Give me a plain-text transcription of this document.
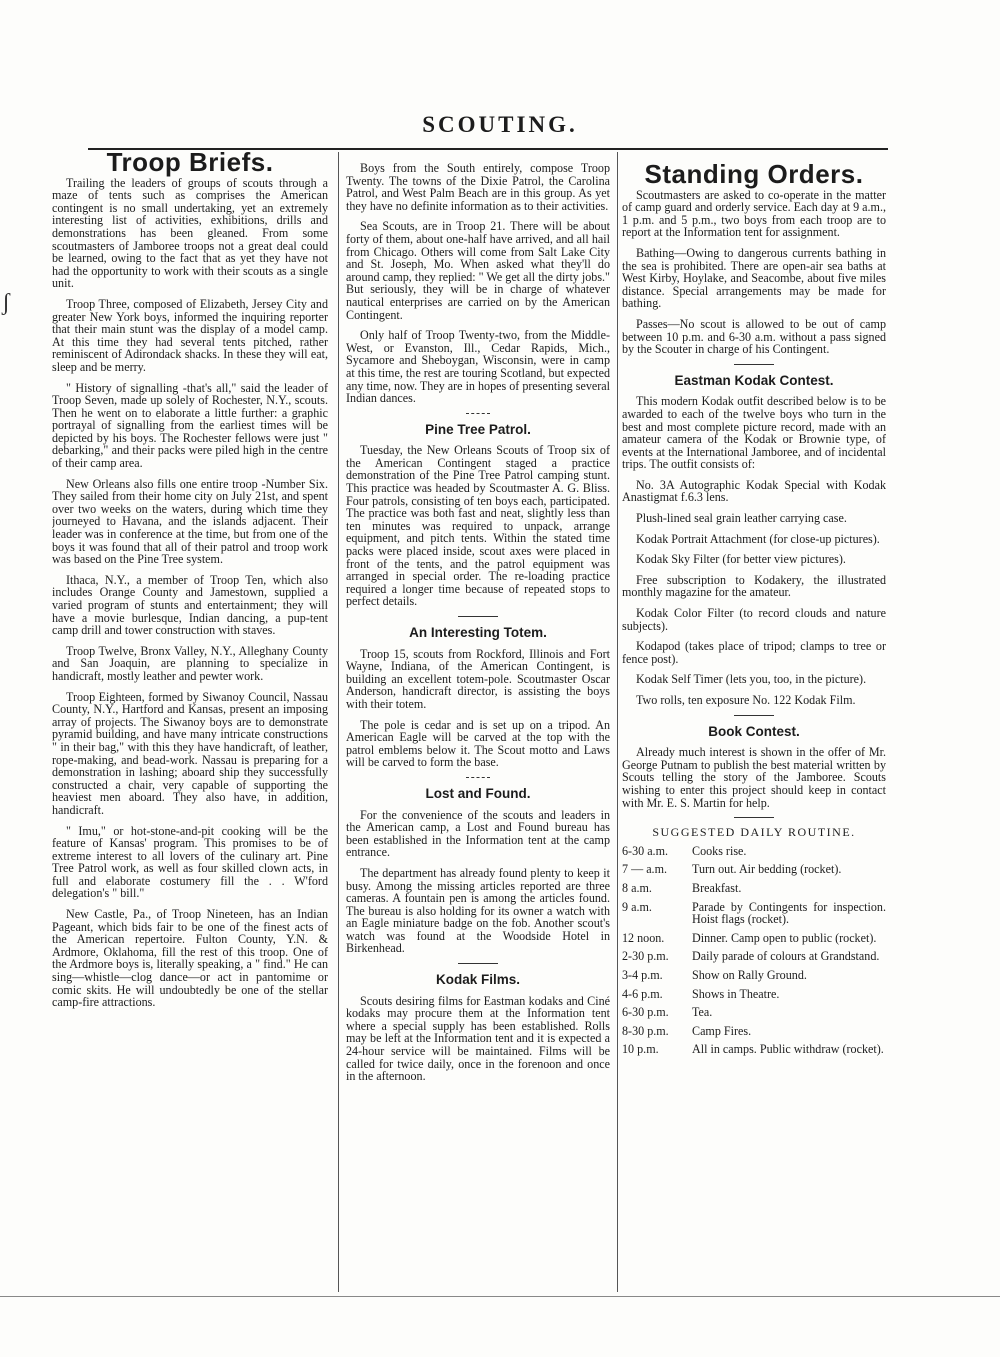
ʃ
SCOUTING.
Troop Briefs.

Trailing the leaders of groups of scouts through a maze of tents such as comprises the American contingent is no small undertaking, yet an extremely interesting list of activities, exhibitions, drills and demonstrations has been gleaned. From some scoutmasters of Jamboree troops not a great deal could be learned, owing to the fact that as yet they have not had the opportunity to work with their scouts as a single unit.

Troop Three, composed of Elizabeth, Jersey City and greater New York boys, informed the inquiring reporter that their main stunt was the display of a model camp. At this time they had several tents pitched, rather reminiscent of Adirondack shacks. In these they will eat, sleep and be merry.

" History of signalling -that's all," said the leader of Troop Seven, made up solely of Rochester, N.Y., scouts. Then he went on to elaborate a little further: a graphic portrayal of signalling from the earliest times will be depicted by his boys. The Rochester fellows were just " debarking," and their packs were piled high in the centre of their camp area.

New Orleans also fills one entire troop -Number Six. They sailed from their home city on July 21st, and spent over two weeks on the waters, during which time they journeyed to Havana, and the islands adjacent. Their leader was in conference at the time, but from one of the boys it was found that all of their patrol and troop work was based on the Pine Tree system.

Ithaca, N.Y., a member of Troop Ten, which also includes Orange County and Jamestown, supplied a varied program of stunts and entertainment; they will have a movie burlesque, Indian dancing, a pup-tent camp drill and tower construction with staves.

Troop Twelve, Bronx Valley, N.Y., Alleghany County and San Joaquin, are planning to specialize in handicraft, mostly leather and pewter work.

Troop Eighteen, formed by Siwanoy Council, Nassau County, N.Y., Hartford and Kansas, present an imposing array of projects. The Siwanoy boys are to demonstrate pyramid building, and have many intricate constructions " in their bag," with this they have handicraft, of leather, rope-making, and bead-work. Nassau is preparing for a demonstration in lashing; aboard ship they successfully constructed a chair, very capable of supporting the heaviest men aboard. They also have, in addition, handicraft.

" Imu," or hot-stone-and-pit cooking will be the feature of Kansas' program. This promises to be of extreme interest to all lovers of the culinary art. Pine Tree Patrol work, as well as four skilled clown acts, in full and elaborate costumery fill the . . W'ford delegation's " bill."

New Castle, Pa., of Troop Nineteen, has an Indian Pageant, which bids fair to be one of the finest acts of the American repertoire. Fulton County, Y.N. & Ardmore, Oklahoma, fill the rest of this troop. One of the Ardmore boys is, literally speaking, a " find." He can sing—whistle—clog dance—or act in pantomime or comic skits. He will undoubtedly be one of the stellar camp-fire attractions.

Boys from the South entirely, compose Troop Twenty. The towns of the Dixie Patrol, the Carolina Patrol, and West Palm Beach are in this group. As yet they have no definite information as to their activities.

Sea Scouts, are in Troop 21. There will be about forty of them, about one-half have arrived, and all hail from Chicago. Others will come from Salt Lake City and St. Joseph, Mo. When asked what they'll do around camp, they replied: " We get all the dirty jobs." But seriously, they will be in charge of whatever nautical enterprises are carried on by the American Contingent.

Only half of Troop Twenty-two, from the Middle-West, or Evanston, Ill., Cedar Rapids, Mich., Sycamore and Sheboygan, Wisconsin, were in camp at this time, the rest are touring Scotland, but expected any time, now. They are in hopes of presenting several Indian dances.

Pine Tree Patrol.

Tuesday, the New Orleans Scouts of Troop six of the American Contingent staged a practice demonstration of the Pine Tree Patrol camping stunt. This practice was headed by Scoutmaster A. G. Bliss. Four patrols, consisting of ten boys each, participated. The practice was both fast and neat, slightly less than ten minutes was required to unpack, arrange equipment, and pitch tents. Within the stated time packs were placed inside, scout axes were placed in front of the tents, and the patrol equipment was arranged in special order. The re-loading practice required a longer time because of repeated stops to perfect details.

An Interesting Totem.

Troop 15, scouts from Rockford, Illinois and Fort Wayne, Indiana, of the American Contingent, is building an excellent totem-pole. Scoutmaster Oscar Anderson, handicraft director, is assisting the boys with their totem.

The pole is cedar and is set up on a tripod. An American Eagle will be carved at the top with the patrol emblems below it. The Scout motto and Laws will be carved to form the base.

Lost and Found.

For the convenience of the scouts and leaders in the American camp, a Lost and Found bureau has been established in the Information tent at the camp entrance.

The department has already found plenty to keep it busy. Among the missing articles reported are three cameras. A fountain pen is among the articles found. The bureau is also holding for its owner a watch with an Eagle miniature badge on the fob. Another scout's watch was found at the Woodside Hotel in Birkenhead.

Kodak Films.

Scouts desiring films for Eastman kodaks and Ciné kodaks may procure them at the Information tent where a special supply has been established. Rolls may be left at the Information tent and it is expected a 24-hour service will be maintained. Films will be called for twice daily, once in the forenoon and once in the afternoon.

Standing Orders.

Scoutmasters are asked to co-operate in the matter of camp guard and orderly service. Each day at 9 a.m., 1 p.m. and 5 p.m., two boys from each troop are to report at the Information tent for assignment.

Bathing—Owing to dangerous currents bathing in the sea is prohibited. There are open-air sea baths at West Kirby, Hoylake, and Seacombe, about five miles distance. Special arrangements may be made for bathing.

Passes—No scout is allowed to be out of camp between 10 p.m. and 6-30 a.m. without a pass signed by the Scouter in charge of his Contingent.

Eastman Kodak Contest.

This modern Kodak outfit described below is to be awarded to each of the twelve boys who turn in the best and most complete picture record, made with an amateur camera of the Kodak or Brownie type, of events at the International Jamboree, and of incidental trips. The outfit consists of:

No. 3A Autographic Kodak Special with Kodak Anastigmat f.6.3 lens.

Plush-lined seal grain leather carrying case.

Kodak Portrait Attachment (for close-up pictures).

Kodak Sky Filter (for better view pictures).

Free subscription to Kodakery, the illustrated monthly magazine for the amateur.

Kodak Color Filter (to record clouds and nature subjects).

Kodapod (takes place of tripod; clamps to tree or fence post).

Kodak Self Timer (lets you, too, in the picture).

Two rolls, ten exposure No. 122 Kodak Film.

Book Contest.

Already much interest is shown in the offer of Mr. George Putnam to publish the best material written by Scouts telling the story of the Jamboree. Scouts wishing to enter this project should keep in contact with Mr. E. S. Martin for help.

SUGGESTED DAILY ROUTINE.
6-30 a.m.	Cooks rise.
7 — a.m.	Turn out. Air bedding (rocket).
8 a.m.	Breakfast.
9 a.m.	Parade by Contingents for inspection. Hoist flags (rocket).
12 noon.	Dinner. Camp open to public (rocket).
2-30 p.m.	Daily parade of colours at Grandstand.
3-4 p.m.	Show on Rally Ground.
4-6 p.m.	Shows in Theatre.
6-30 p.m.	Tea.
8-30 p.m.	Camp Fires.
10 p.m.	All in camps. Public withdraw (rocket).
